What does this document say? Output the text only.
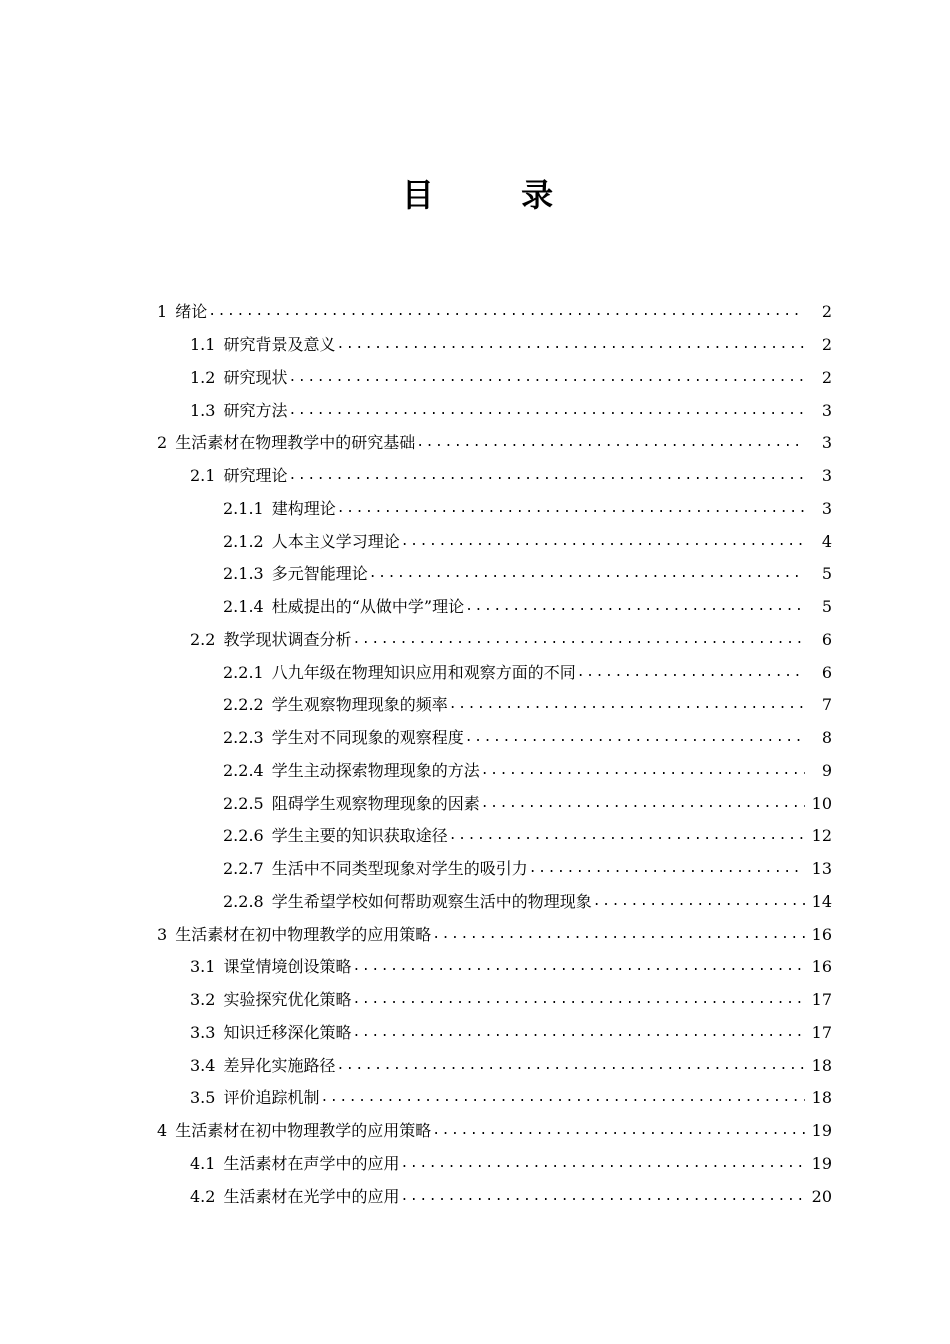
目 录
1 绪论 .....	2
1.1 研究背景及意义 .....	2
1.2 研究现状 .....	2
1.3 研究方法 .....	3
2 生活素材在物理教学中的研究基础 .....	3
2.1 研究理论 .....	3
2.1.1 建构理论 .....	3
2.1.2 人本主义学习理论 .....	4
2.1.3 多元智能理论 .....	5
2.1.4 杜威提出的“从做中学”理论 .....	5
2.2 教学现状调查分析 .....	6
2.2.1 八九年级在物理知识应用和观察方面的不同 .....	6
2.2.2 学生观察物理现象的频率 .....	7
2.2.3 学生对不同现象的观察程度 .....	8
2.2.4 学生主动探索物理现象的方法 .....	9
2.2.5 阻碍学生观察物理现象的因素 .....	10
2.2.6 学生主要的知识获取途径 .....	12
2.2.7 生活中不同类型现象对学生的吸引力 .....	13
2.2.8 学生希望学校如何帮助观察生活中的物理现象 .....	14
3 生活素材在初中物理教学的应用策略 .....	16
3.1 课堂情境创设策略 .....	16
3.2 实验探究优化策略 .....	17
3.3 知识迁移深化策略 .....	17
3.4 差异化实施路径 .....	18
3.5 评价追踪机制 .....	18
4 生活素材在初中物理教学的应用策略 .....	19
4.1 生活素材在声学中的应用 .....	19
4.2 生活素材在光学中的应用 .....	20
